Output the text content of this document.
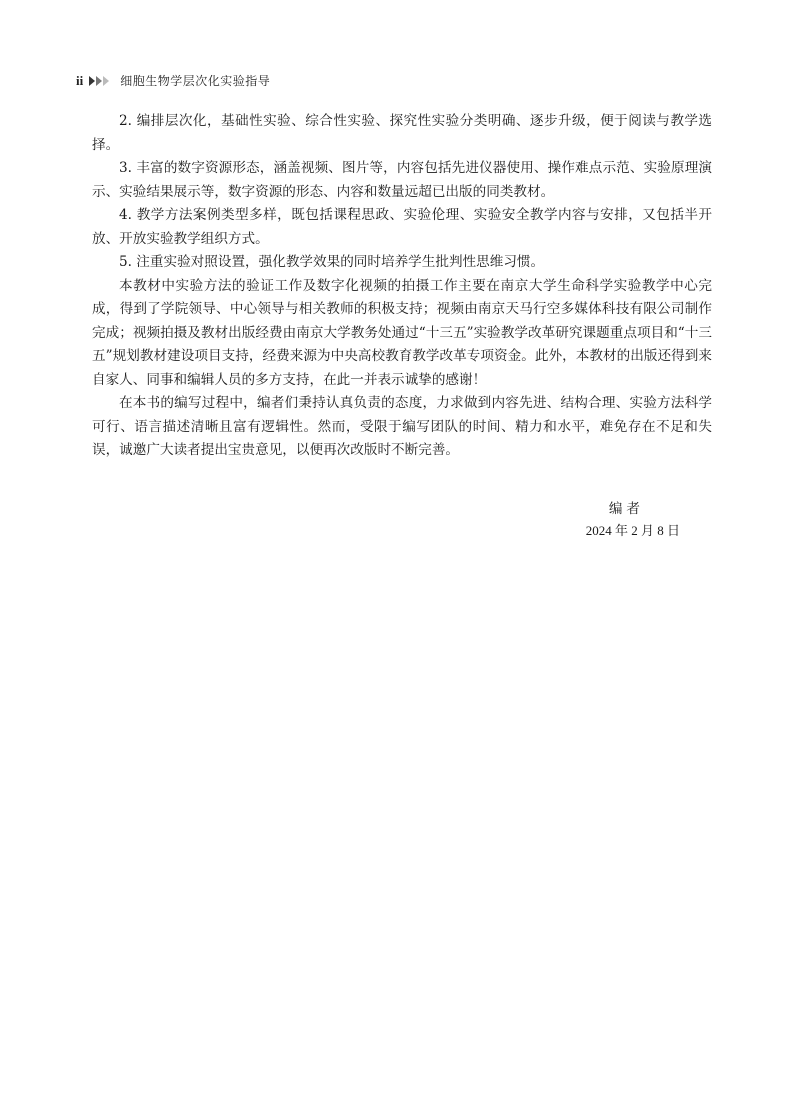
ii	细胞生物学层次化实验指导

2. 编排层次化，基础性实验、综合性实验、探究性实验分类明确、逐步升级，便于阅读与教学选择。

3. 丰富的数字资源形态，涵盖视频、图片等，内容包括先进仪器使用、操作难点示范、实验原理演示、实验结果展示等，数字资源的形态、内容和数量远超已出版的同类教材。

4. 教学方法案例类型多样，既包括课程思政、实验伦理、实验安全教学内容与安排，又包括半开放、开放实验教学组织方式。

5. 注重实验对照设置，强化教学效果的同时培养学生批判性思维习惯。

本教材中实验方法的验证工作及数字化视频的拍摄工作主要在南京大学生命科学实验教学中心完成，得到了学院领导、中心领导与相关教师的积极支持；视频由南京天马行空多媒体科技有限公司制作完成；视频拍摄及教材出版经费由南京大学教务处通过“十三五”实验教学改革研究课题重点项目和“十三五”规划教材建设项目支持，经费来源为中央高校教育教学改革专项资金。此外，本教材的出版还得到来自家人、同事和编辑人员的多方支持，在此一并表示诚挚的感谢！

在本书的编写过程中，编者们秉持认真负责的态度，力求做到内容先进、结构合理、实验方法科学可行、语言描述清晰且富有逻辑性。然而，受限于编写团队的时间、精力和水平，难免存在不足和失误，诚邀广大读者提出宝贵意见，以便再次改版时不断完善。

编者
2024 年 2 月 8 日
